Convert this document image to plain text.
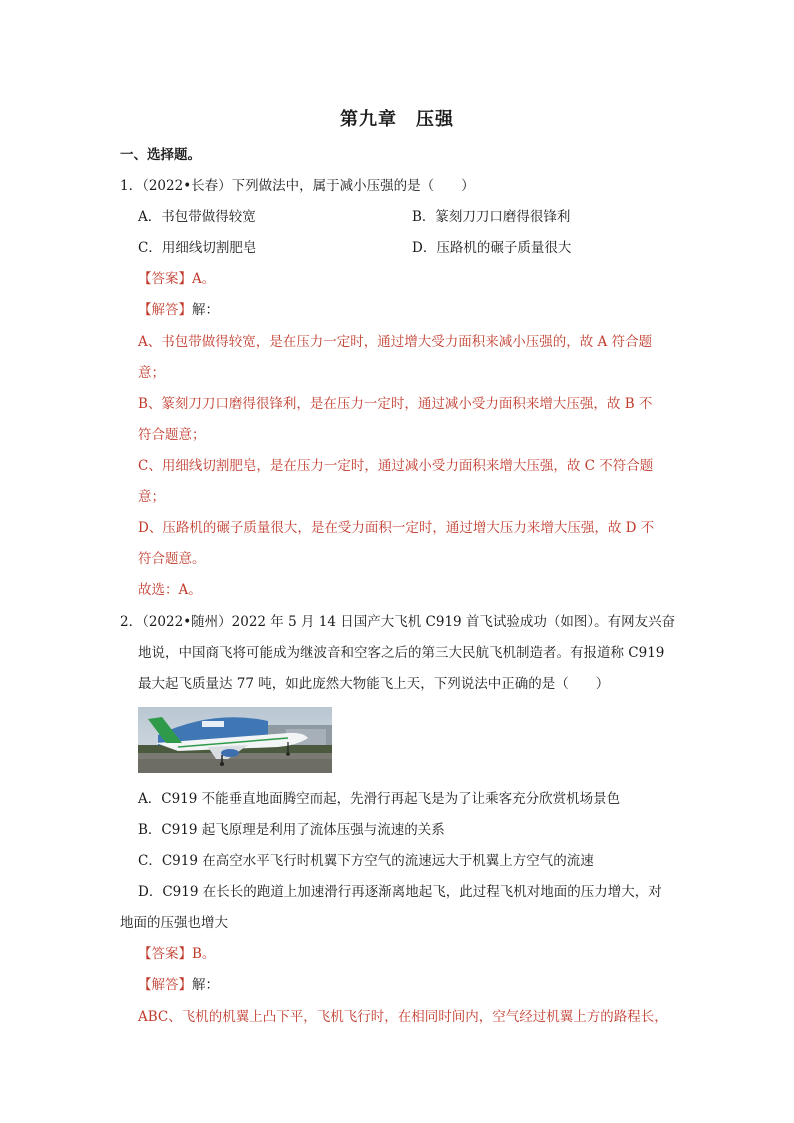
第九章　压强
一、选择题。
1．（2022•长春）下列做法中，属于减小压强的是（　　）
A．书包带做得较宽	B．篆刻刀刀口磨得很锋利
C．用细线切割肥皂	D．压路机的碾子质量很大
【答案】A。
【解答】解：
A、书包带做得较宽，是在压力一定时，通过增大受力面积来减小压强的，故 A 符合题
意；
B、篆刻刀刀口磨得很锋利，是在压力一定时，通过减小受力面积来增大压强，故 B 不
符合题意；
C、用细线切割肥皂，是在压力一定时，通过减小受力面积来增大压强，故 C 不符合题
意；
D、压路机的碾子质量很大，是在受力面积一定时，通过增大压力来增大压强，故 D 不
符合题意。
故选：A。
2．（2022•随州）2022 年 5 月 14 日国产大飞机 C919 首飞试验成功（如图）。有网友兴奋
地说，中国商飞将可能成为继波音和空客之后的第三大民航飞机制造者。有报道称 C919
最大起飞质量达 77 吨，如此庞然大物能飞上天，下列说法中正确的是（　　）
A．C919 不能垂直地面腾空而起，先滑行再起飞是为了让乘客充分欣赏机场景色
B．C919 起飞原理是利用了流体压强与流速的关系
C．C919 在高空水平飞行时机翼下方空气的流速远大于机翼上方空气的流速
D．C919 在长长的跑道上加速滑行再逐渐离地起飞，此过程飞机对地面的压力增大，对
地面的压强也增大
【答案】B。
【解答】解：
ABC、飞机的机翼上凸下平，飞机飞行时，在相同时间内，空气经过机翼上方的路程长，
